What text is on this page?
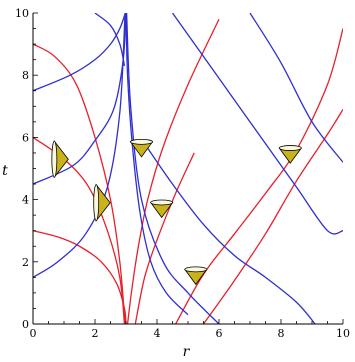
0	2	4	6	8	10
0
2
4
6
8
10
r
t
